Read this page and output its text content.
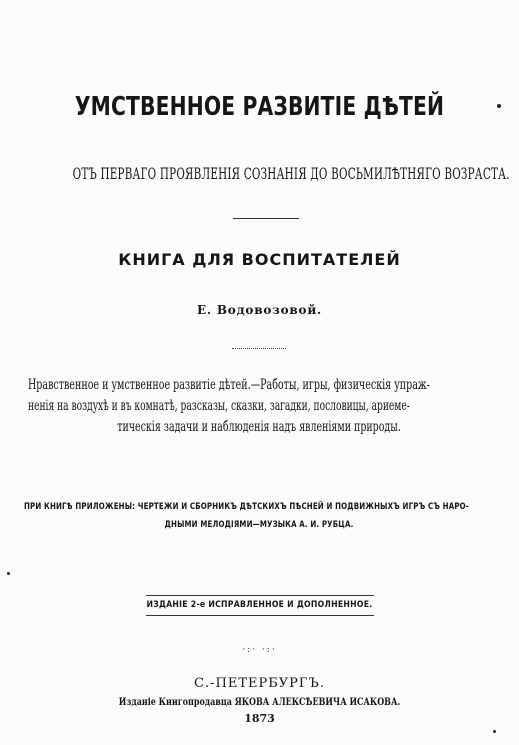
УМСТВЕННОЕ РАЗВИТІЕ ДѢТЕЙ
ОТЪ ПЕРВАГО ПРОЯВЛЕНІЯ СОЗНАНІЯ ДО ВОСЬМИЛѢТНЯГО ВОЗРАСТА.
КНИГА ДЛЯ ВОСПИТАТЕЛЕЙ
Е. Водовозовой.
Нравственное и умственное развитіе дѣтей.—Работы, игры, физическія упраж-
ненія на воздухѣ и въ комнатѣ, разсказы, сказки, загадки, пословицы, ариеме-
тическія задачи и наблюденія надъ явленіями природы.
ПРИ КНИГѢ ПРИЛОЖЕНЫ: ЧЕРТЕЖИ И СБОРНИКЪ ДѢТСКИХЪ ПѢСНЕЙ И ПОДВИЖНЫХЪ ИГРЪ СЪ НАРО-
ДНЫМИ МЕЛОДІЯМИ—МУЗЫКА А. И. РУБЦА.
ИЗДАНІЕ 2-е ИСПРАВЛЕННОЕ И ДОПОЛНЕННОЕ.
·:· ·:·
С.-ПЕТЕРБУРГЪ.
Изданіе Книгопродавца ЯКОВА АЛЕКСѢЕВИЧА ИСАКОВА.
1873
